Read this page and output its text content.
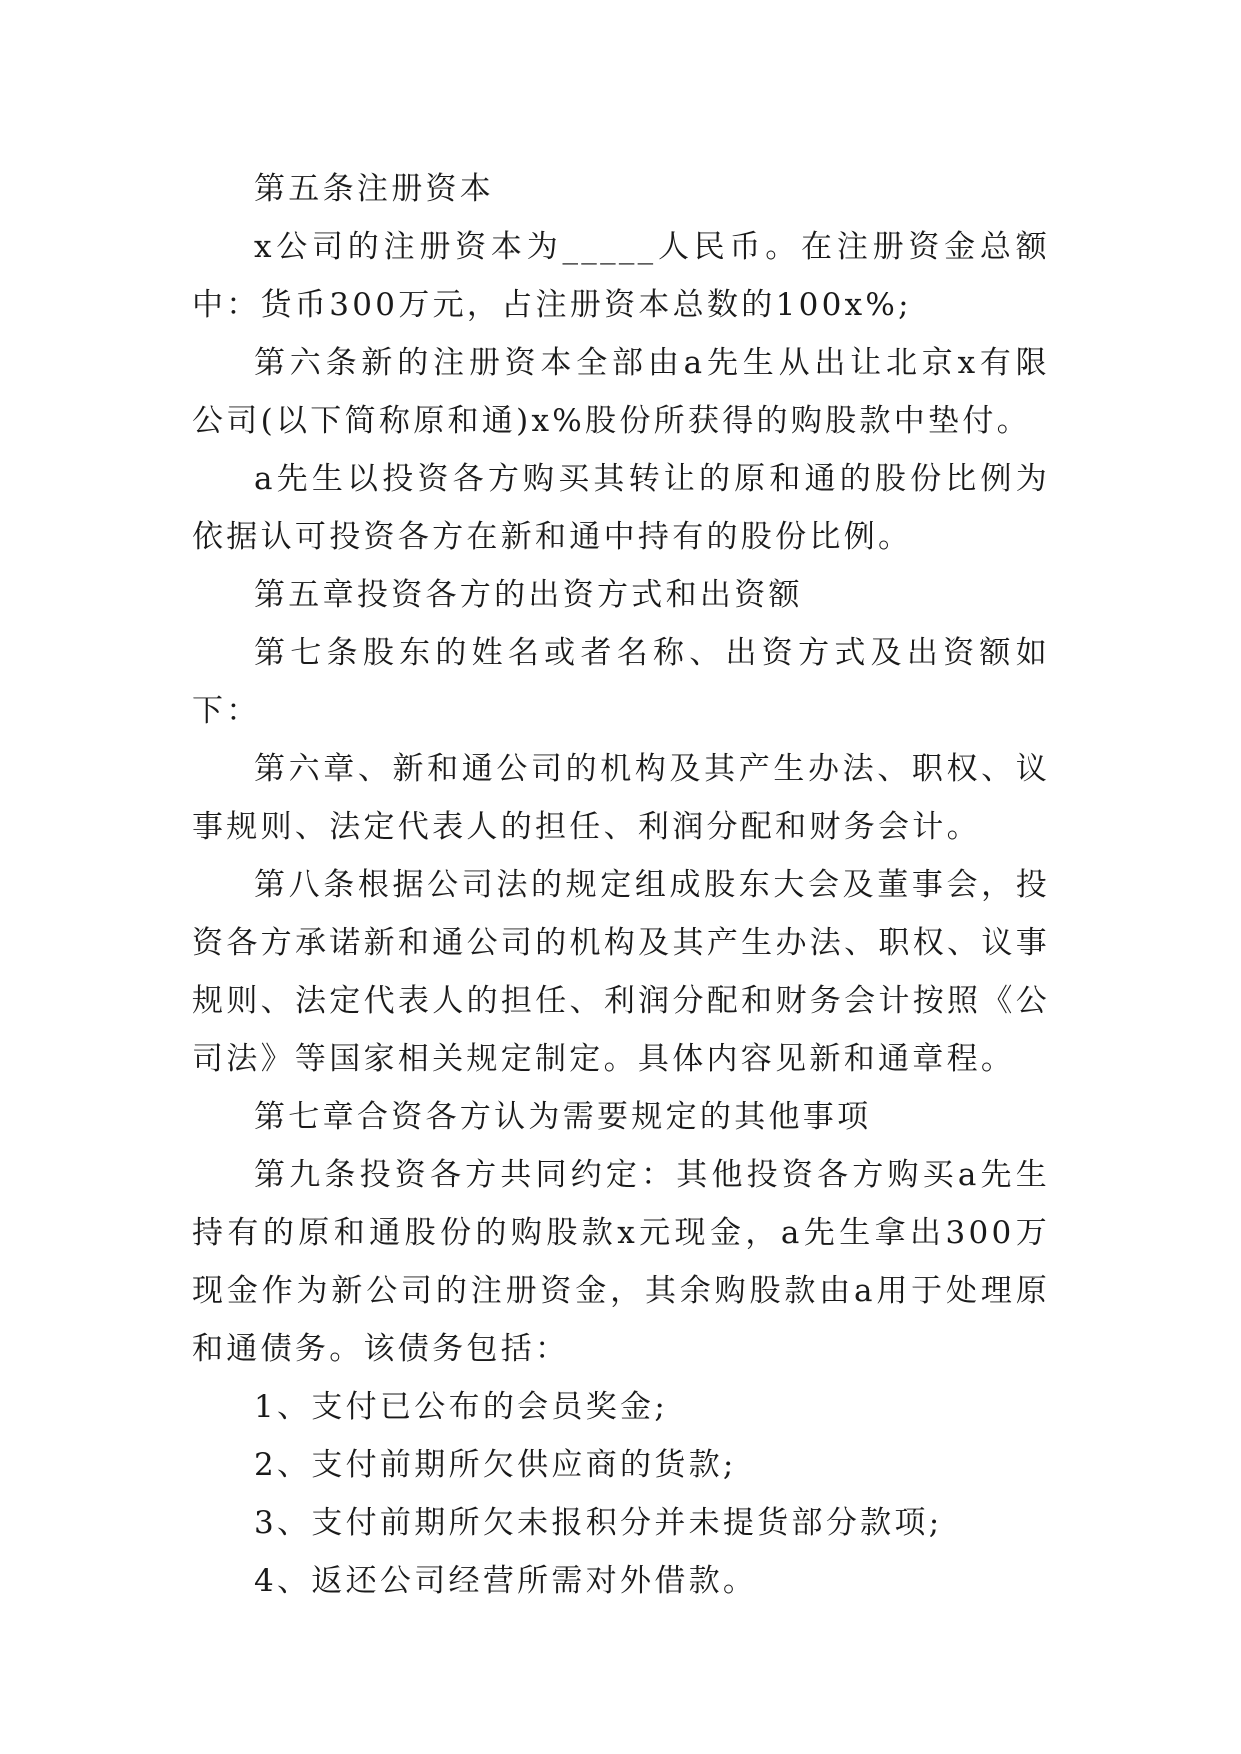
第五条注册资本

x公司的注册资本为_____人民币。在注册资金总额中：货币300万元，占注册资本总数的100x%;

第六条新的注册资本全部由a先生从出让北京x有限公司(以下简称原和通)x%股份所获得的购股款中垫付。

a先生以投资各方购买其转让的原和通的股份比例为依据认可投资各方在新和通中持有的股份比例。

第五章投资各方的出资方式和出资额

第七条股东的姓名或者名称、出资方式及出资额如下：

第六章、新和通公司的机构及其产生办法、职权、议事规则、法定代表人的担任、利润分配和财务会计。

第八条根据公司法的规定组成股东大会及董事会，投资各方承诺新和通公司的机构及其产生办法、职权、议事规则、法定代表人的担任、利润分配和财务会计按照《公司法》等国家相关规定制定。具体内容见新和通章程。

第七章合资各方认为需要规定的其他事项

第九条投资各方共同约定：其他投资各方购买a先生持有的原和通股份的购股款x元现金，a先生拿出300万现金作为新公司的注册资金，其余购股款由a用于处理原和通债务。该债务包括：

1、支付已公布的会员奖金;

2、支付前期所欠供应商的货款;

3、支付前期所欠未报积分并未提货部分款项;

4、返还公司经营所需对外借款。
